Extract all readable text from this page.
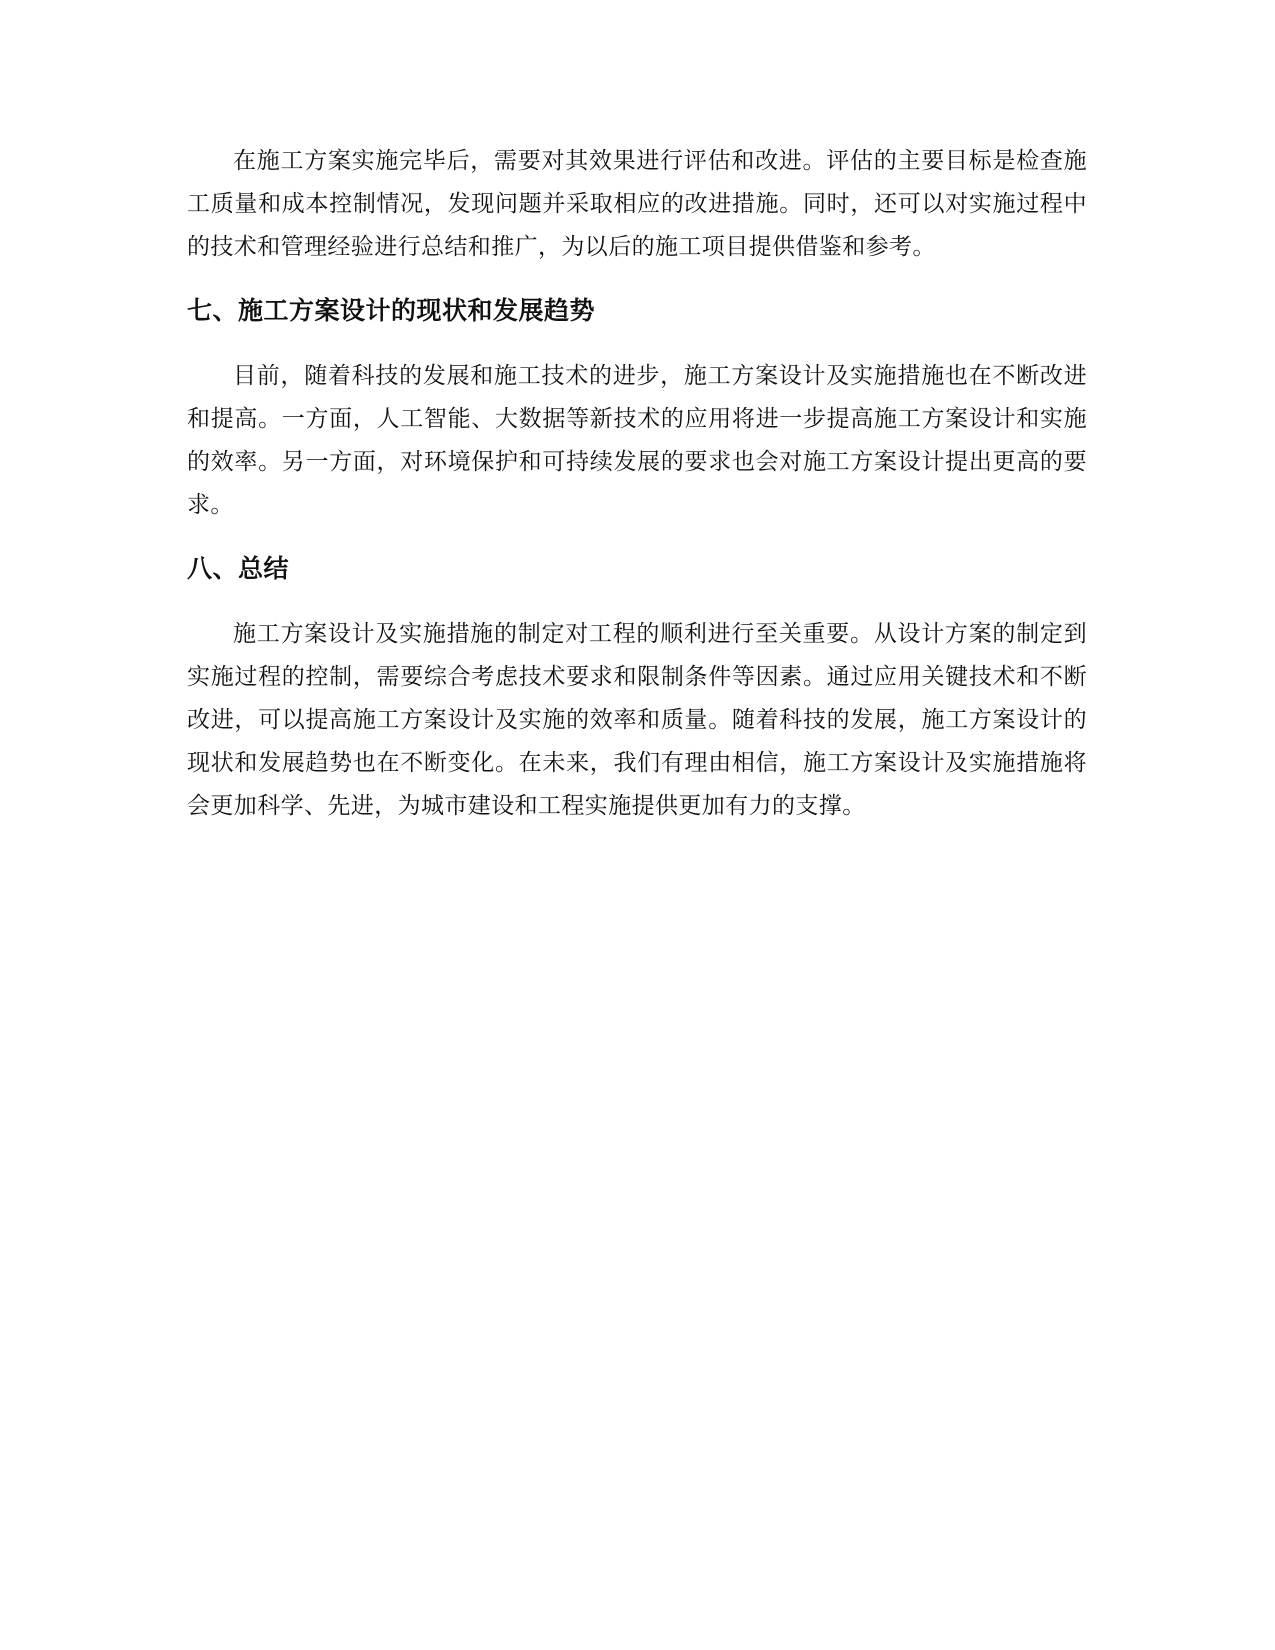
在施工方案实施完毕后，需要对其效果进行评估和改进。评估的主要目标是检查施工质量和成本控制情况，发现问题并采取相应的改进措施。同时，还可以对实施过程中的技术和管理经验进行总结和推广，为以后的施工项目提供借鉴和参考。

七、施工方案设计的现状和发展趋势

目前，随着科技的发展和施工技术的进步，施工方案设计及实施措施也在不断改进和提高。一方面，人工智能、大数据等新技术的应用将进一步提高施工方案设计和实施的效率。另一方面，对环境保护和可持续发展的要求也会对施工方案设计提出更高的要求。

八、总结

施工方案设计及实施措施的制定对工程的顺利进行至关重要。从设计方案的制定到实施过程的控制，需要综合考虑技术要求和限制条件等因素。通过应用关键技术和不断改进，可以提高施工方案设计及实施的效率和质量。随着科技的发展，施工方案设计的现状和发展趋势也在不断变化。在未来，我们有理由相信，施工方案设计及实施措施将会更加科学、先进，为城市建设和工程实施提供更加有力的支撑。
